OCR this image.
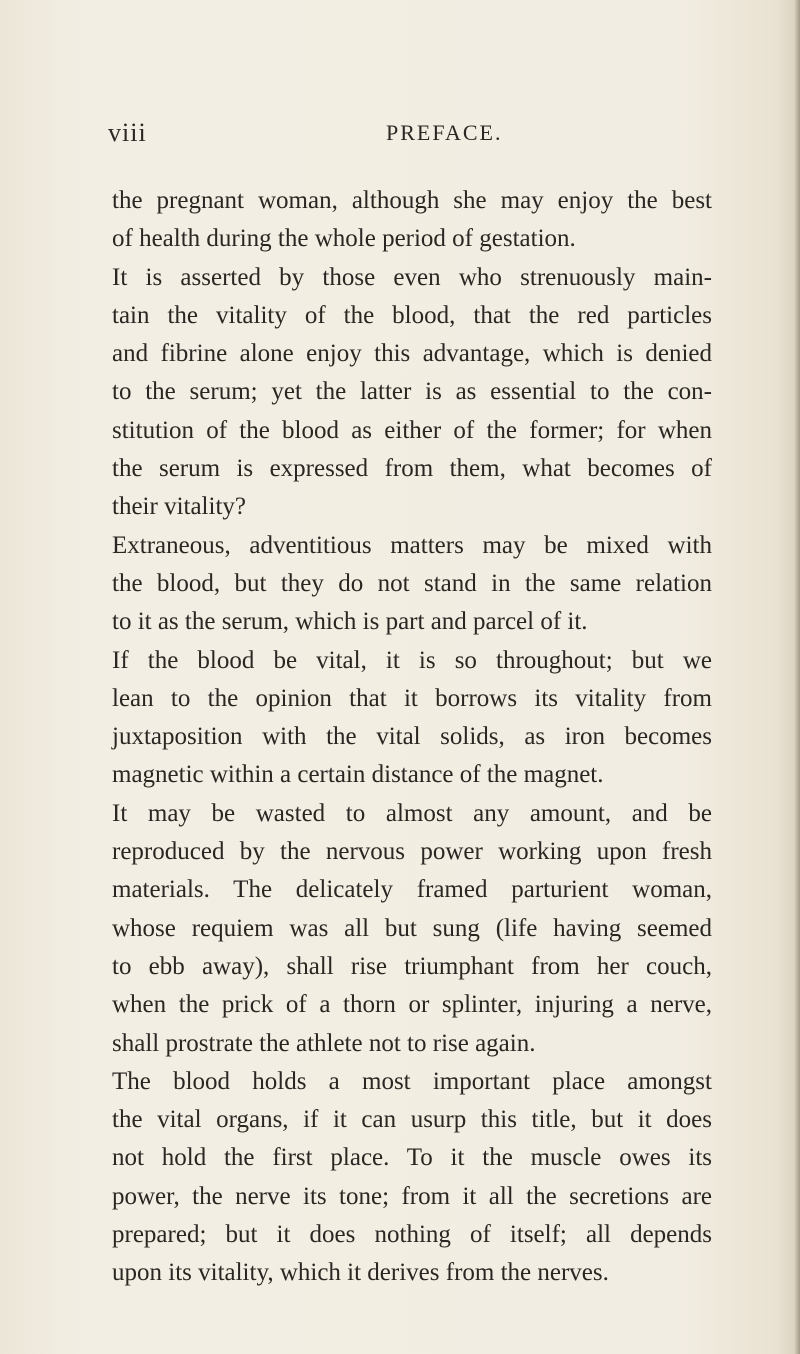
viii	PREFACE.
the pregnant woman, although she may enjoy the best
of health during the whole period of gestation.
It is asserted by those even who strenuously main-
tain the vitality of the blood, that the red particles
and fibrine alone enjoy this advantage, which is denied
to the serum; yet the latter is as essential to the con-
stitution of the blood as either of the former; for when
the serum is expressed from them, what becomes of
their vitality?
Extraneous, adventitious matters may be mixed with
the blood, but they do not stand in the same relation
to it as the serum, which is part and parcel of it.
If the blood be vital, it is so throughout; but we
lean to the opinion that it borrows its vitality from
juxtaposition with the vital solids, as iron becomes
magnetic within a certain distance of the magnet.
It may be wasted to almost any amount, and be
reproduced by the nervous power working upon fresh
materials. The delicately framed parturient woman,
whose requiem was all but sung (life having seemed
to ebb away), shall rise triumphant from her couch,
when the prick of a thorn or splinter, injuring a nerve,
shall prostrate the athlete not to rise again.
The blood holds a most important place amongst
the vital organs, if it can usurp this title, but it does
not hold the first place. To it the muscle owes its
power, the nerve its tone; from it all the secretions are
prepared; but it does nothing of itself; all depends
upon its vitality, which it derives from the nerves.
